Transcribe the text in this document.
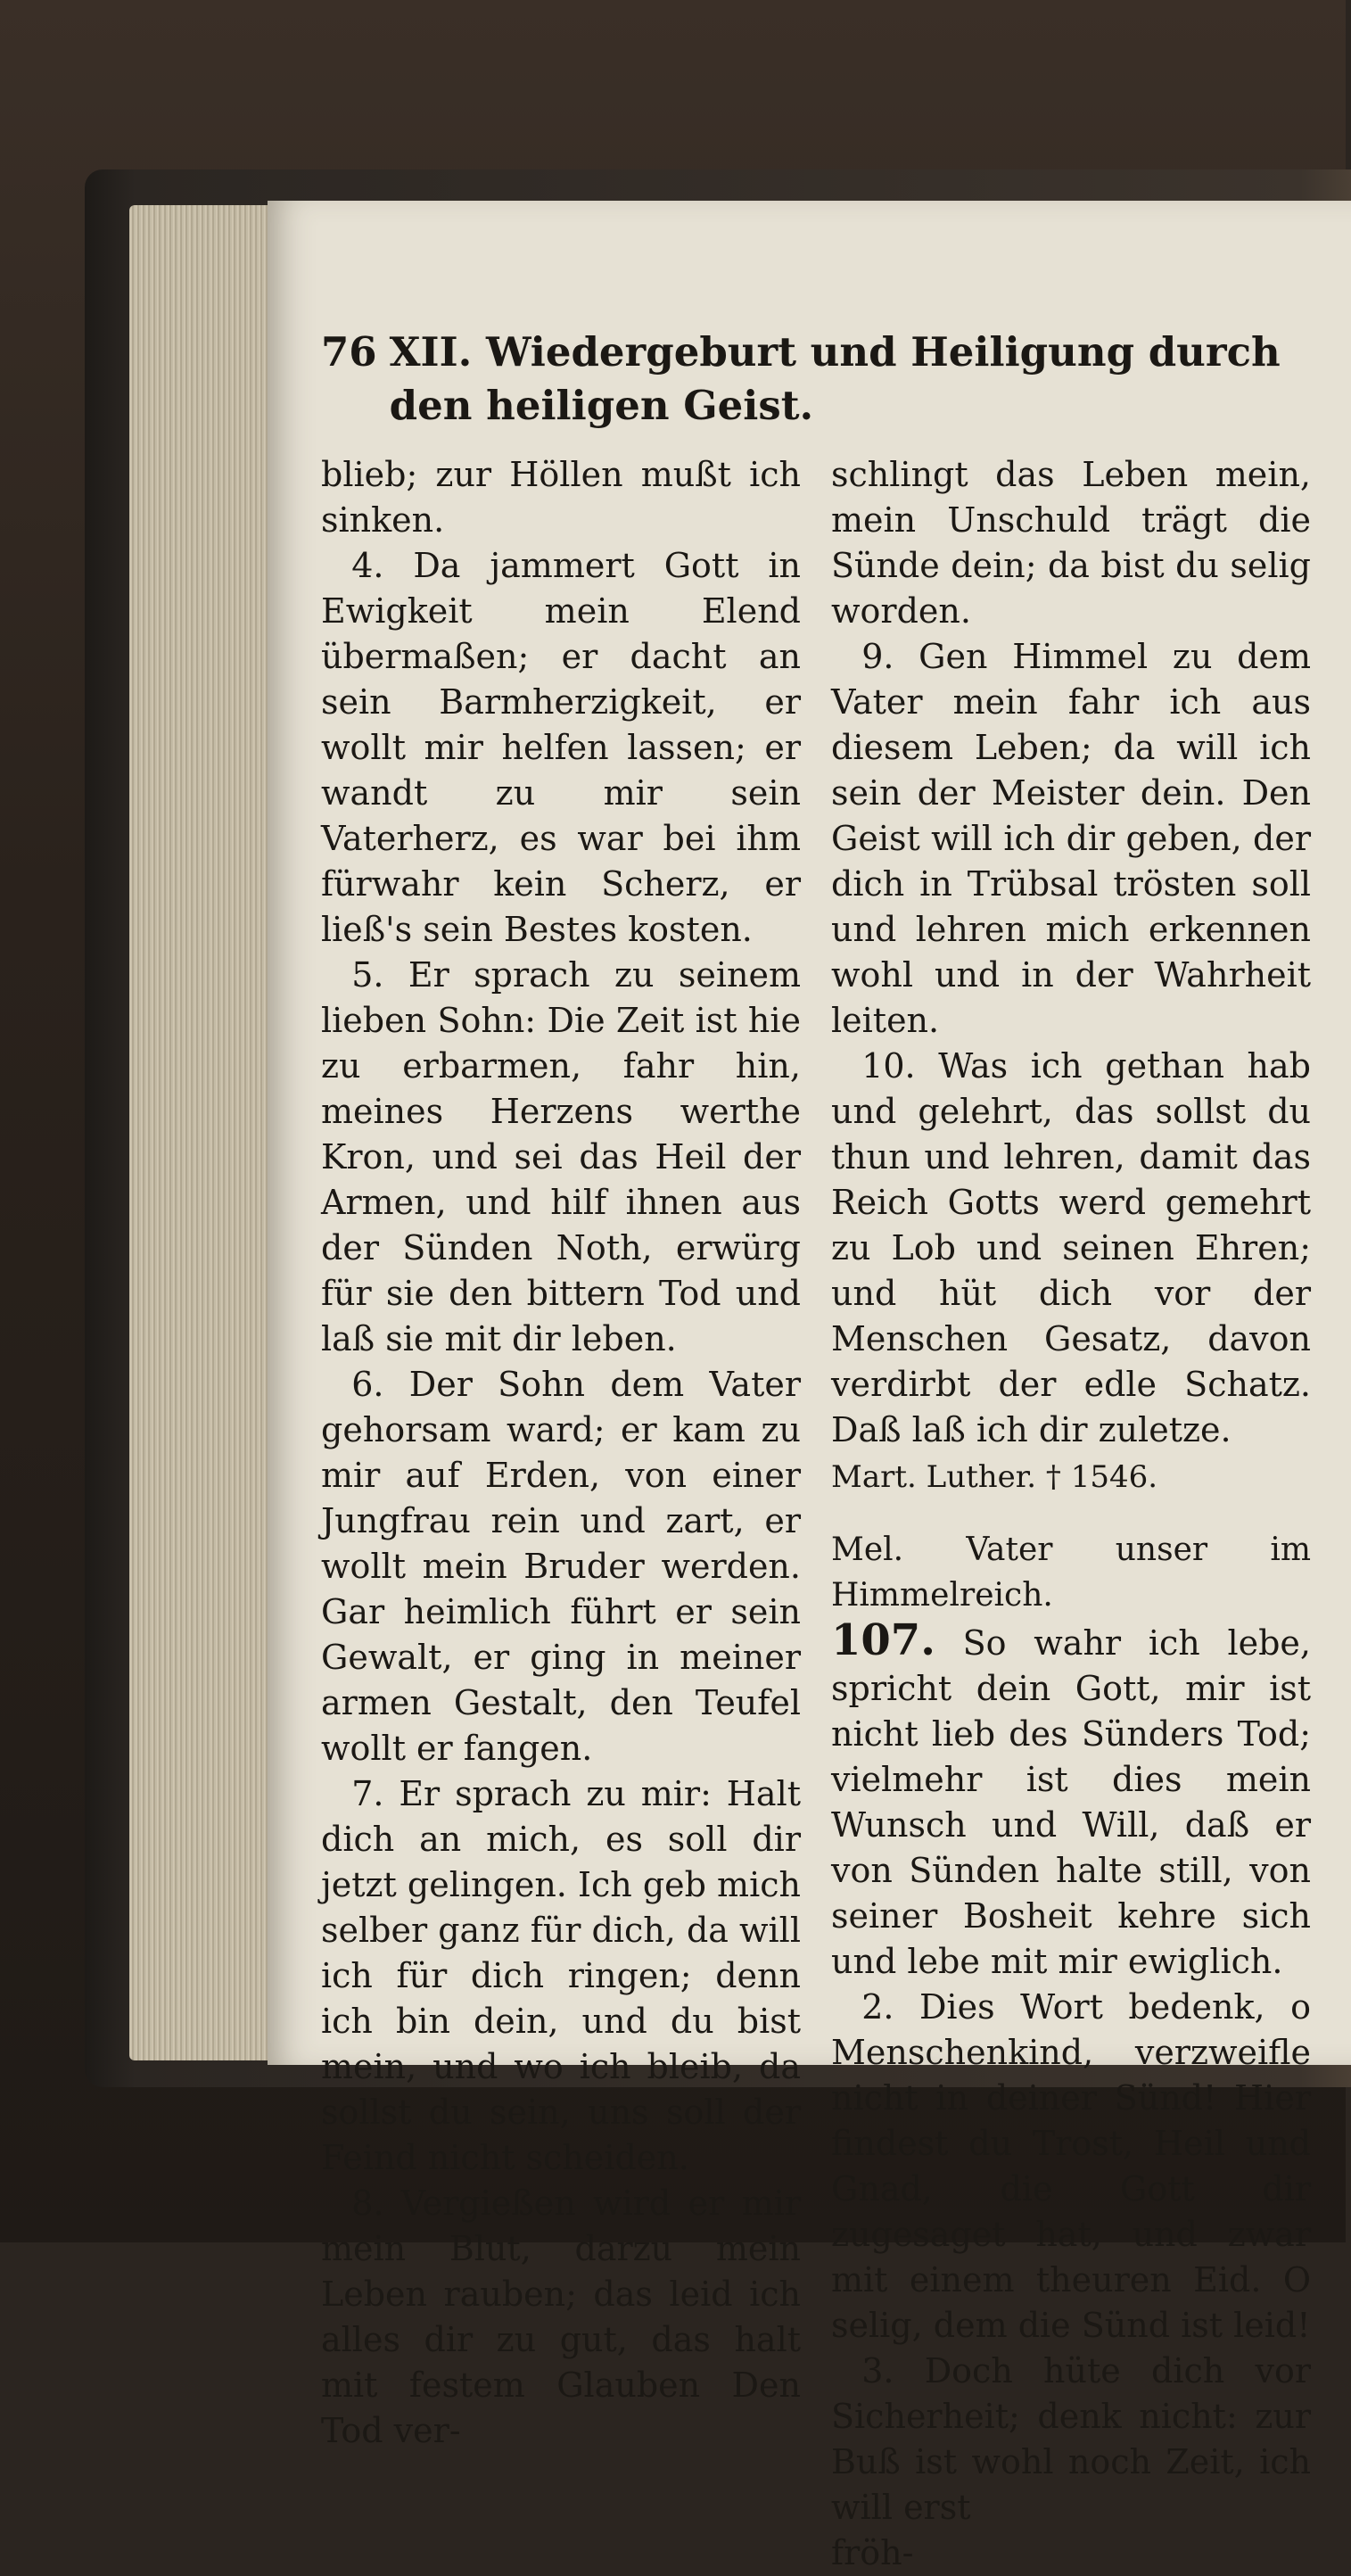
76 XII. Wiedergeburt und Heiligung durch den heiligen Geist.

blieb; zur Höllen mußt ich sinken.

4. Da jammert Gott in Ewigkeit mein Elend übermaßen; er dacht an sein Barmherzigkeit, er wollt mir helfen lassen; er wandt zu mir sein Vaterherz, es war bei ihm fürwahr kein Scherz, er ließ's sein Bestes kosten.

5. Er sprach zu seinem lieben Sohn: Die Zeit ist hie zu erbarmen, fahr hin, meines Herzens werthe Kron, und sei das Heil der Armen, und hilf ihnen aus der Sünden Noth, erwürg für sie den bittern Tod und laß sie mit dir leben.

6. Der Sohn dem Vater gehorsam ward; er kam zu mir auf Erden, von einer Jungfrau rein und zart, er wollt mein Bruder werden. Gar heimlich führt er sein Gewalt, er ging in meiner armen Gestalt, den Teufel wollt er fangen.

7. Er sprach zu mir: Halt dich an mich, es soll dir jetzt gelingen. Ich geb mich selber ganz für dich, da will ich für dich ringen; denn ich bin dein, und du bist mein, und wo ich bleib, da sollst du sein, uns soll der Feind nicht scheiden.

8. Vergießen wird er mir mein Blut, darzu mein Leben rauben; das leid ich alles dir zu gut, das halt mit festem Glauben Den Tod ver-

schlingt das Leben mein, mein Unschuld trägt die Sünde dein; da bist du selig worden.

9. Gen Himmel zu dem Vater mein fahr ich aus diesem Leben; da will ich sein der Meister dein. Den Geist will ich dir geben, der dich in Trübsal trösten soll und lehren mich erkennen wohl und in der Wahrheit leiten.

10. Was ich gethan hab und gelehrt, das sollst du thun und lehren, damit das Reich Gotts werd gemehrt zu Lob und seinen Ehren; und hüt dich vor der Menschen Gesatz, davon verdirbt der edle Schatz. Daß laß ich dir zuletze.

Mart. Luther. † 1546.

Mel. Vater unser im Himmelreich.

107. So wahr ich lebe, spricht dein Gott, mir ist nicht lieb des Sünders Tod; vielmehr ist dies mein Wunsch und Will, daß er von Sünden halte still, von seiner Bosheit kehre sich und lebe mit mir ewiglich.

2. Dies Wort bedenk, o Menschenkind, verzweifle nicht in deiner Sünd! Hier findest du Trost, Heil und Gnad, die Gott dir zugesaget hat, und zwar mit einem theuren Eid. O selig, dem die Sünd ist leid!

3. Doch hüte dich vor Sicherheit; denk nicht: zur Buß ist wohl noch Zeit, ich will erst

fröh-
